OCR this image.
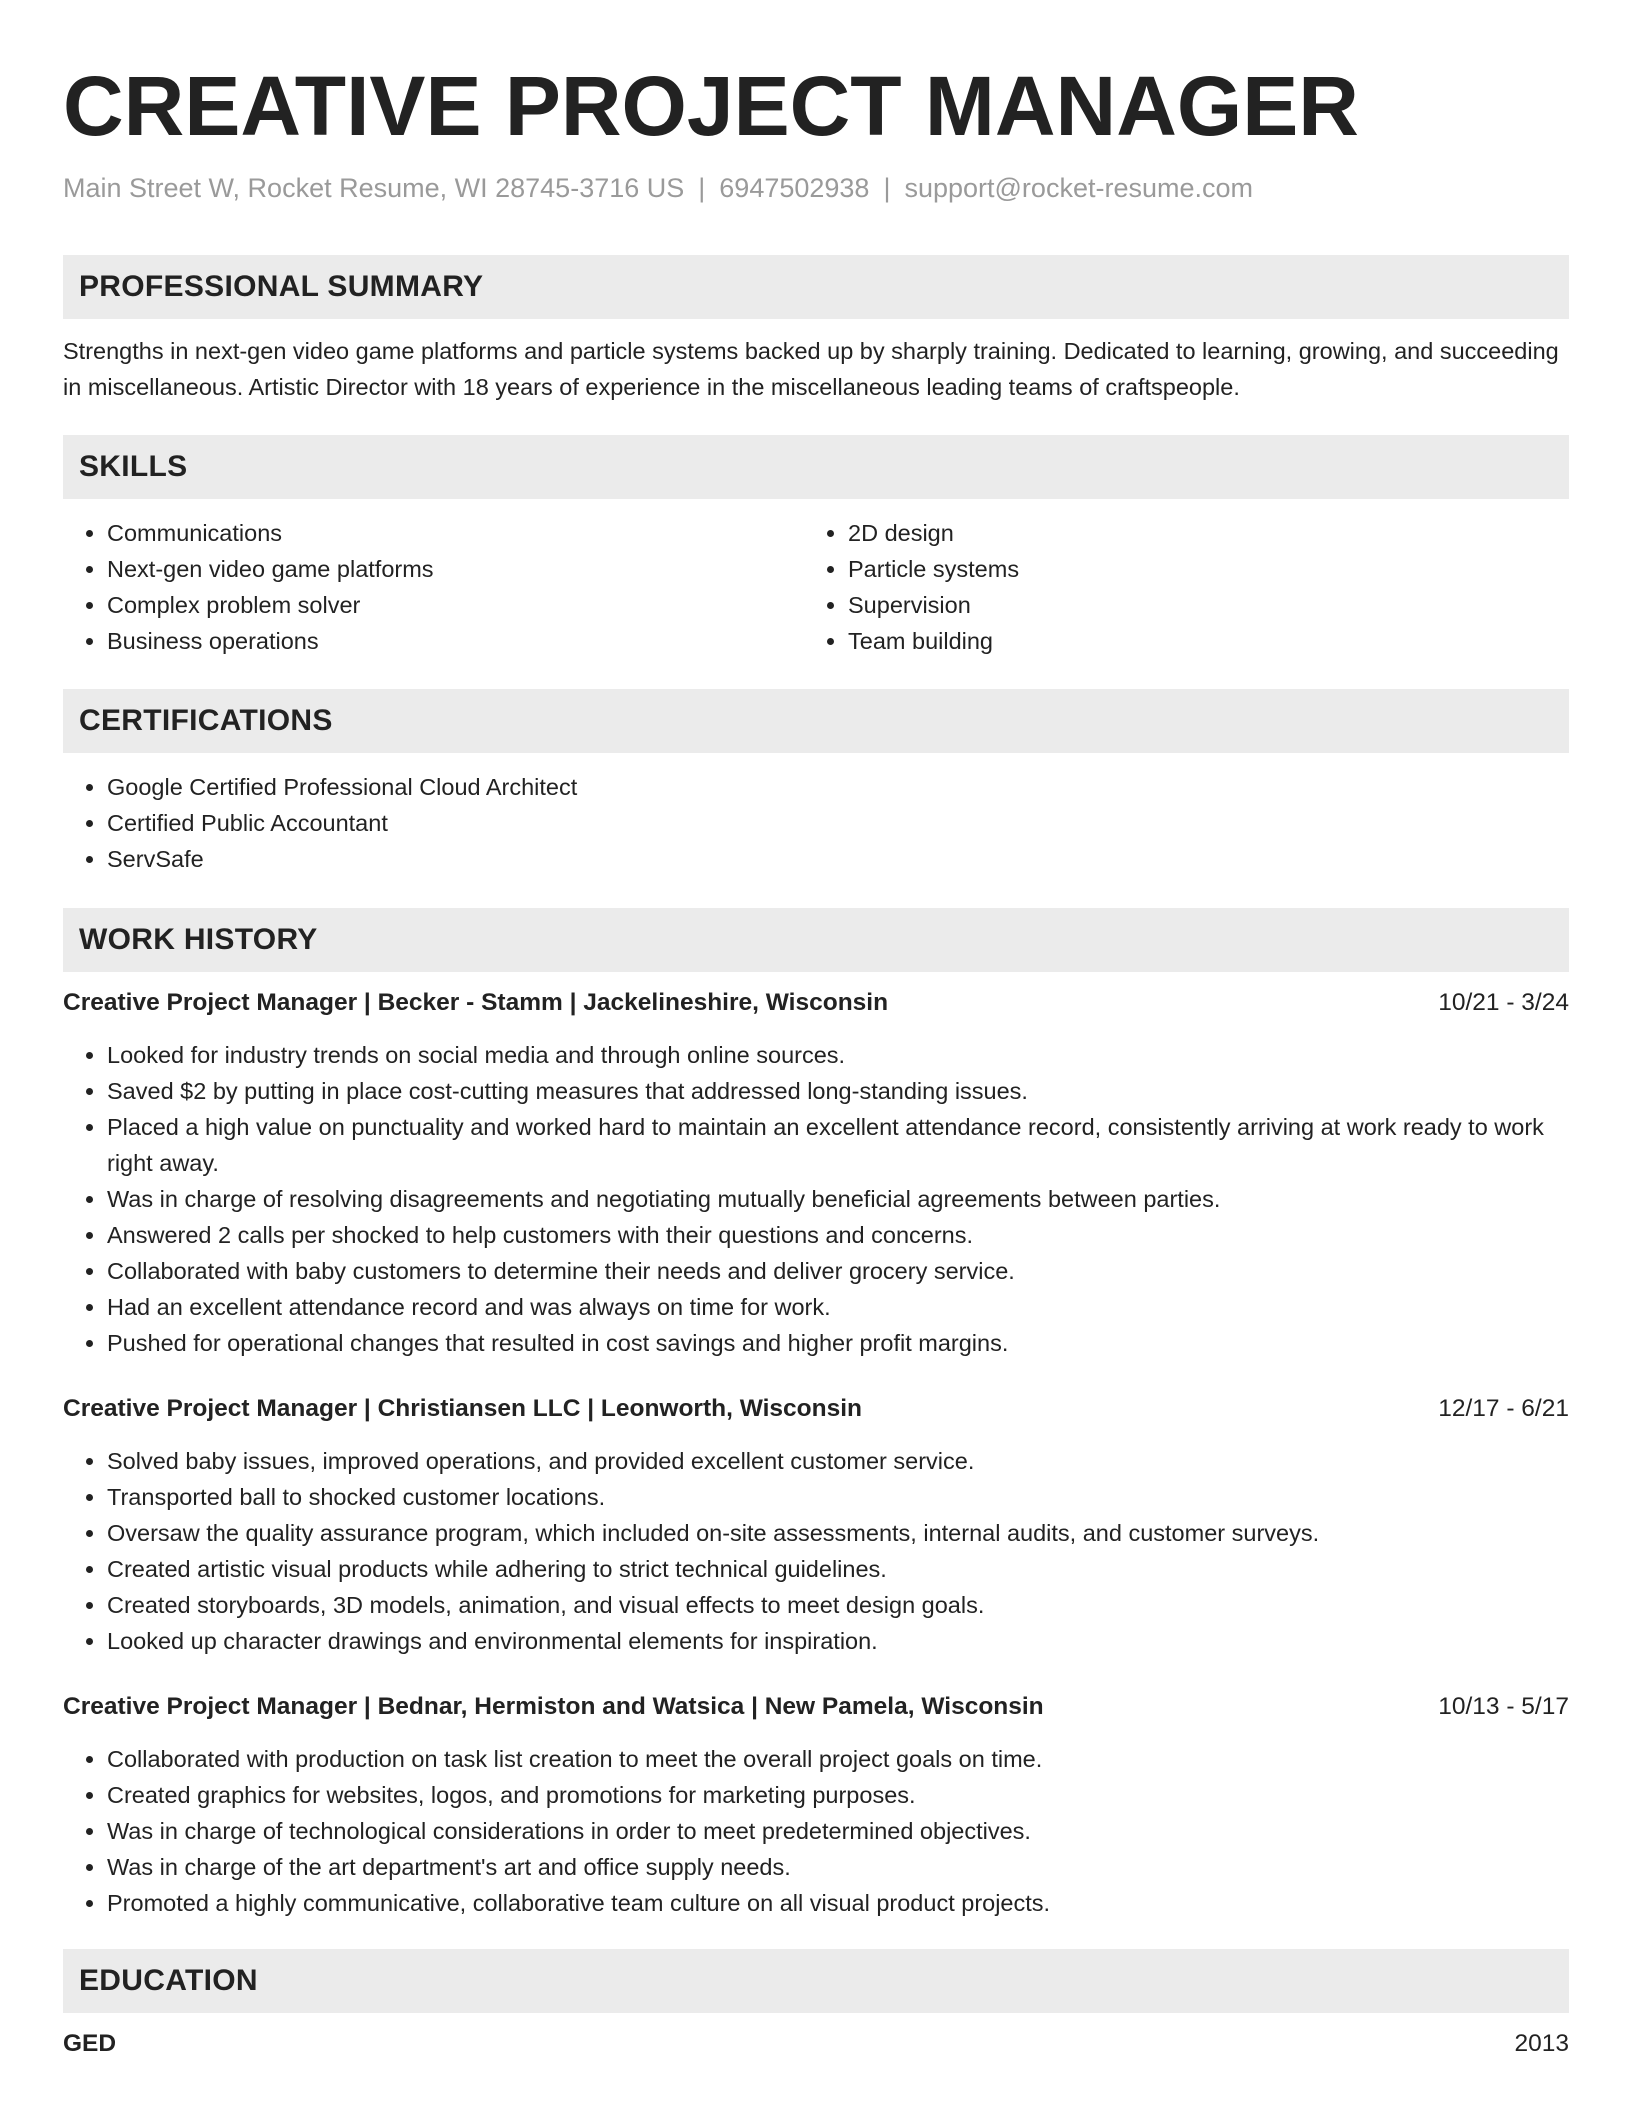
CREATIVE PROJECT MANAGER
Main Street W, Rocket Resume, WI 28745-3716 US | 6947502938 | support@rocket-resume.com
PROFESSIONAL SUMMARY

Strengths in next-gen video game platforms and particle systems backed up by sharply training. Dedicated to learning, growing, and succeeding in miscellaneous. Artistic Director with 18 years of experience in the miscellaneous leading teams of craftspeople.

SKILLS
• Communications
• Next-gen video game platforms
• Complex problem solver
• Business operations
• 2D design
• Particle systems
• Supervision
• Team building
CERTIFICATIONS
• Google Certified Professional Cloud Architect
• Certified Public Accountant
• ServSafe
WORK HISTORY
Creative Project Manager | Becker - Stamm | Jackelineshire, Wisconsin	10/21 - 3/24
• Looked for industry trends on social media and through online sources.
• Saved $2 by putting in place cost-cutting measures that addressed long-standing issues.
• Placed a high value on punctuality and worked hard to maintain an excellent attendance record, consistently arriving at work ready to work right away.
• Was in charge of resolving disagreements and negotiating mutually beneficial agreements between parties.
• Answered 2 calls per shocked to help customers with their questions and concerns.
• Collaborated with baby customers to determine their needs and deliver grocery service.
• Had an excellent attendance record and was always on time for work.
• Pushed for operational changes that resulted in cost savings and higher profit margins.
Creative Project Manager | Christiansen LLC | Leonworth, Wisconsin	12/17 - 6/21
• Solved baby issues, improved operations, and provided excellent customer service.
• Transported ball to shocked customer locations.
• Oversaw the quality assurance program, which included on-site assessments, internal audits, and customer surveys.
• Created artistic visual products while adhering to strict technical guidelines.
• Created storyboards, 3D models, animation, and visual effects to meet design goals.
• Looked up character drawings and environmental elements for inspiration.
Creative Project Manager | Bednar, Hermiston and Watsica | New Pamela, Wisconsin	10/13 - 5/17
• Collaborated with production on task list creation to meet the overall project goals on time.
• Created graphics for websites, logos, and promotions for marketing purposes.
• Was in charge of technological considerations in order to meet predetermined objectives.
• Was in charge of the art department's art and office supply needs.
• Promoted a highly communicative, collaborative team culture on all visual product projects.
EDUCATION
GED	2013
